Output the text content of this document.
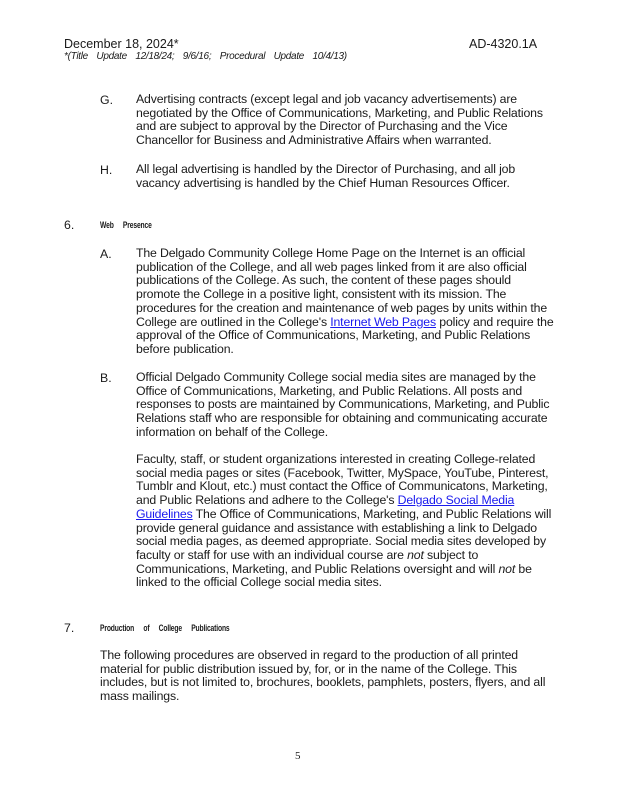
December 18, 2024*	AD-4320.1A
*(Title Update 12/18/24; 9/6/16; Procedural Update 10/4/13)
G. Advertising contracts (except legal and job vacancy advertisements) are negotiated by the Office of Communications, Marketing, and Public Relations and are subject to approval by the Director of Purchasing and the Vice Chancellor for Business and Administrative Affairs when warranted.
H. All legal advertising is handled by the Director of Purchasing, and all job vacancy advertising is handled by the Chief Human Resources Officer.
6.	Web Presence
A. The Delgado Community College Home Page on the Internet is an official publication of the College, and all web pages linked from it are also official publications of the College. As such, the content of these pages should promote the College in a positive light, consistent with its mission. The procedures for the creation and maintenance of web pages by units within the College are outlined in the College's Internet Web Pages policy and require the approval of the Office of Communications, Marketing, and Public Relations before publication.
B. Official Delgado Community College social media sites are managed by the Office of Communications, Marketing, and Public Relations. All posts and responses to posts are maintained by Communications, Marketing, and Public Relations staff who are responsible for obtaining and communicating accurate information on behalf of the College.
Faculty, staff, or student organizations interested in creating College-related social media pages or sites (Facebook, Twitter, MySpace, YouTube, Pinterest, Tumblr and Klout, etc.) must contact the Office of Communicatons, Marketing, and Public Relations and adhere to the College's Delgado Social Media Guidelines The Office of Communications, Marketing, and Public Relations will provide general guidance and assistance with establishing a link to Delgado social media pages, as deemed appropriate. Social media sites developed by faculty or staff for use with an individual course are not subject to Communications, Marketing, and Public Relations oversight and will not be linked to the official College social media sites.
7.	Production of College Publications
The following procedures are observed in regard to the production of all printed material for public distribution issued by, for, or in the name of the College. This includes, but is not limited to, brochures, booklets, pamphlets, posters, flyers, and all mass mailings.
5
